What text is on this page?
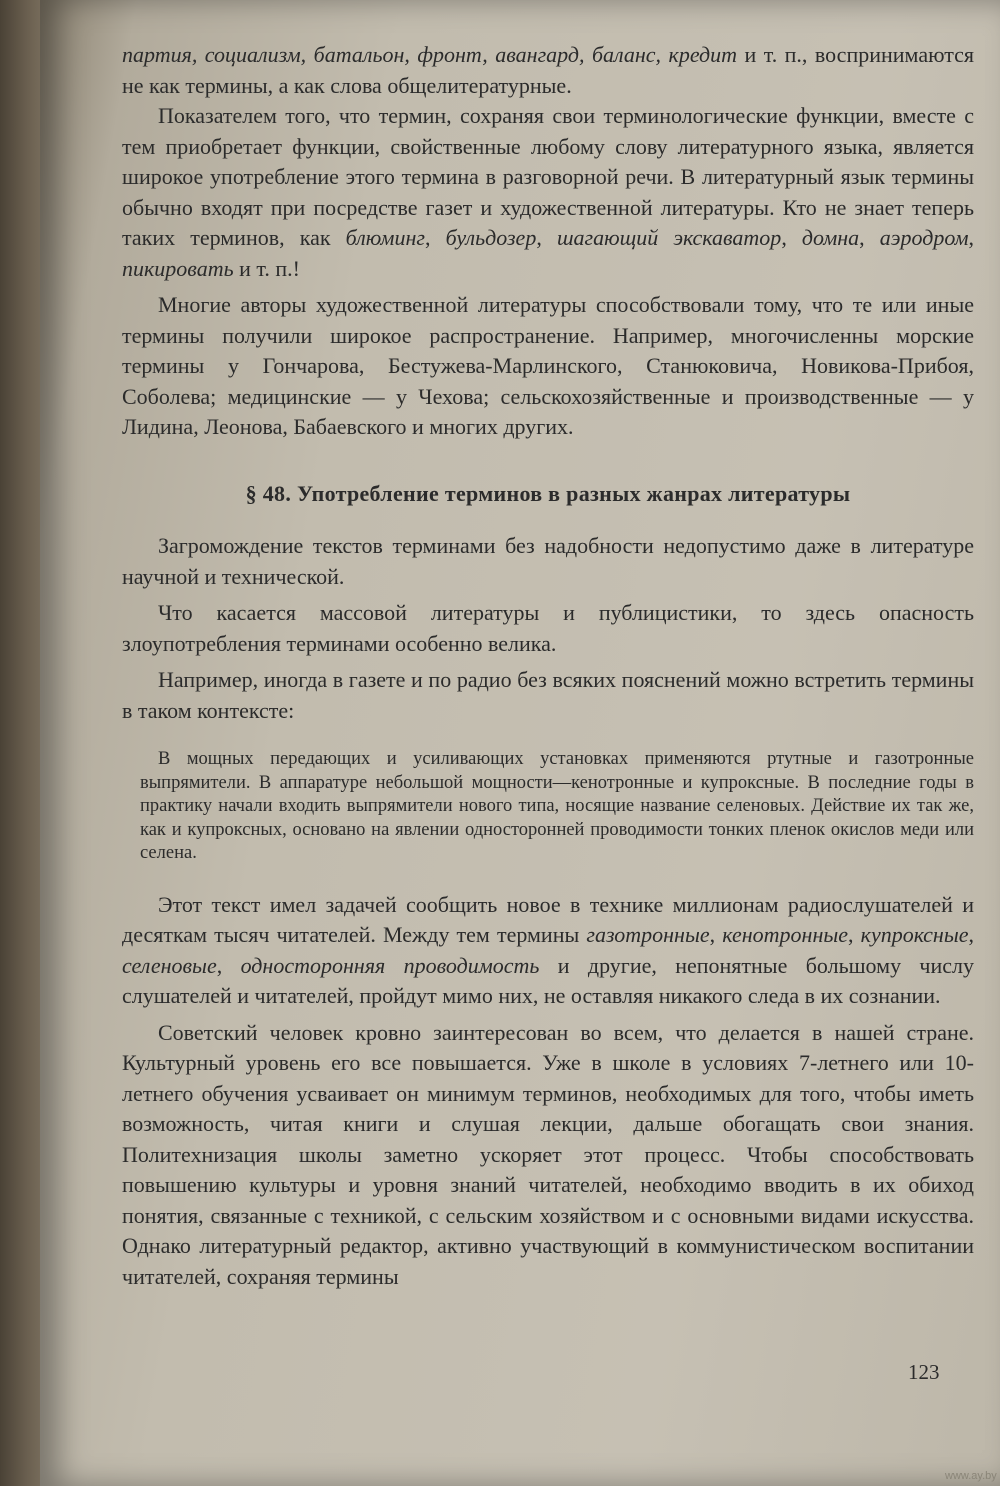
партия, социализм, батальон, фронт, авангард, баланс, кредит и т. п., воспринимаются не как термины, а как слова общелитературные.

Показателем того, что термин, сохраняя свои терминологические функции, вместе с тем приобретает функции, свойственные любому слову литературного языка, является широкое употребление этого термина в разговорной речи. В литературный язык термины обычно входят при посредстве газет и художественной литературы. Кто не знает теперь таких терминов, как блюминг, бульдозер, шагающий экскаватор, домна, аэродром, пикировать и т. п.!

Многие авторы художественной литературы способствовали тому, что те или иные термины получили широкое распространение. Например, многочисленны морские термины у Гончарова, Бестужева-Марлинского, Станюковича, Новикова-Прибоя, Соболева; медицинские — у Чехова; сельскохозяйственные и производственные — у Лидина, Леонова, Бабаевского и многих других.

§ 48. Употребление терминов в разных жанрах литературы

Загромождение текстов терминами без надобности недопустимо даже в литературе научной и технической.

Что касается массовой литературы и публицистики, то здесь опасность злоупотребления терминами особенно велика.

Например, иногда в газете и по радио без всяких пояснений можно встретить термины в таком контексте:

В мощных передающих и усиливающих установках применяются ртутные и газотронные выпрямители. В аппаратуре небольшой мощности—кенотронные и купроксные. В последние годы в практику начали входить выпрямители нового типа, носящие название селеновых. Действие их так же, как и купроксных, основано на явлении односторонней проводимости тонких пленок окислов меди или селена.

Этот текст имел задачей сообщить новое в технике миллионам радиослушателей и десяткам тысяч читателей. Между тем термины газотронные, кенотронные, купроксные, селеновые, односторонняя проводимость и другие, непонятные большому числу слушателей и читателей, пройдут мимо них, не оставляя никакого следа в их сознании.

Советский человек кровно заинтересован во всем, что делается в нашей стране. Культурный уровень его все повышается. Уже в школе в условиях 7-летнего или 10-летнего обучения усваивает он минимум терминов, необходимых для того, чтобы иметь возможность, читая книги и слушая лекции, дальше обогащать свои знания. Политехнизация школы заметно ускоряет этот процесс. Чтобы способствовать повышению культуры и уровня знаний читателей, необходимо вводить в их обиход понятия, связанные с техникой, с сельским хозяйством и с основными видами искусства. Однако литературный редактор, активно участвующий в коммунистическом воспитании читателей, сохраняя термины

123
www.ay.by
